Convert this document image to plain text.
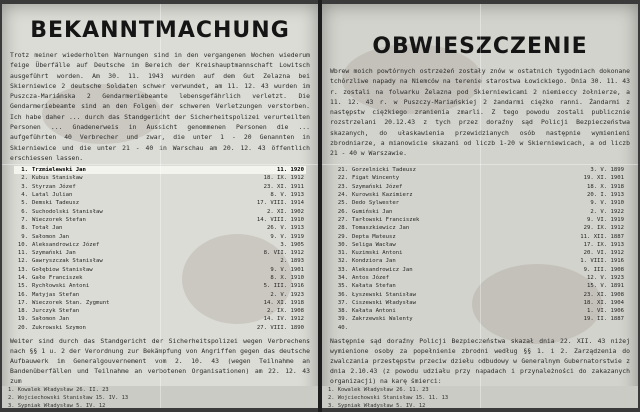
BEKANNTMACHUNG

Trotz meiner wiederholten Warnungen sind in den vergangenen Wochen wiederum feige Überfälle auf Deutsche im Bereich der Kreishauptmannschaft Lowitsch ausgeführt worden. Am 30. 11. 1943 wurden auf dem Gut Zelazna bei Skierniewice 2 deutsche Soldaten schwer verwundet, am 11. 12. 43 wurden im Puszcza-Mariánska 2 Gendarmeriebeamte lebensgefährlich verletzt. Die Gendarmeriebeamte sind an den Folgen der schweren Verletzungen verstorben. Ich habe daher ... durch das Standgericht der Sicherheitspolizei verurteilten Personen ... Gnadenerweis in Aussicht genommenen Personen die ... aufgeführten 40 Verbrecher und zwar, die unter 1 - 20 Genannten in Skierniewice und die unter 21 - 40 in Warschau am 20. 12. 43 öffentlich erschiessen lassen.

1.	Trzmielewski Jan	11. 1920
2.	Kubus Stanisław	18. IX. 1912
3.	Styrzan Józef	23. XI. 1911
4.	Latal Julian	8. V. 1913
5.	Demski Tadeusz	17. VIII. 1914
6.	Suchodolski Stanisław	2. XI. 1902
7.	Wieczorek Stefan	14. VIII. 1910
8.	Totał Jan	26. V. 1913
9.	Sałomon Jan	9. V. 1919
10.	Aleksandrowicz Józef	3. 1905
11.	Szymański Jan	8. VII. 1912
12.	Gawryszczak Stanisław	2. 1893
13.	Gołębiow Stanisław	9. V. 1901
14.	Gałe Franciszek	8. X. 1910
15.	Rychłowski Antoni	5. III. 1916
16.	Matyjas Stefan	2. V. 1923
17.	Wieczorek Stan. Zygmunt	14. XI. 1918
18.	Jurczyk Stefan	2. IX. 1908
19.	Sałomon Jan	14. IV. 1912
20.	Zukrowski Szymon	27. VIII. 1890

Weiter sind durch das Standgericht der Sicherheitspolizei wegen Verbrechens nach §§ 1 u. 2 der Verordnung zur Bekämpfung von Angriffen gegen das deutsche Aufbauwerk im Generalgouvernement vom 2. 10. 43 (wegen Teilnahme an Bandenüberfällen und Teilnahme an verbotenen Organisationen) am 22. 12. 43 zum

1. Kowalek Władysław 26. II. 23
2. Wojciechowski Stanisław 15. IV. 13
3. Sypniak Władysław 5. IV. 12
OBWIESZCZENIE

Wbrew moich powtórnych ostrzeżeń zostały znów w ostatnich tygodniach dokonane tchórzliwe napady na Niemców na terenie starostwa Łowickiego. Dnia 30. 11. 43 r. zostali na folwarku Żelazna pod Skierniewicami 2 niemieccy żołnierze, a 11. 12. 43 r. w Puszczy-Mariańskiej 2 żandarmi ciężko ranni. Żandarmi z następstw ciężkiego zranienia zmarli. Z tego powodu zostali publicznie rozstrzelani 20.12.43 z tych przez doraźny sąd Policji Bezpieczeństwa skazanych, do ułaskawienia przewidzianych osób następnie wymienieni zbrodniarze, a mianowicie skazani od liczb 1-20 w Skierniewicach, a od liczb 21 - 40 w Warszawie.

21.	Gorzelnicki Tadeusz	3. V. 1899
22.	Figat Wincenty	19. XI. 1901
23.	Szymański Józef	18. X. 1918
24.	Kurowski Kazimierz	20. I. 1913
25.	Dedo Sylwester	9. V. 1910
26.	Gumiński Jan	2. V. 1922
27.	Tarłowski Franciszek	9. VI. 1919
28.	Tomaszkiewicz Jan	29. IX. 1912
29.	Depta Mateusz	11. XII. 1887
30.	Seliga Wacław	17. IX. 1913
31.	Kuzimski Antoni	20. VI. 1912
32.	Kondziora Jan	1. VIII. 1916
33.	Aleksandrowicz Jan	9. III. 1908
34.	Antos Józef	12. V. 1923
35.	Kałata Stefan	15. V. 1891
36.	Łyszewski Stanisław	23. XI. 1908
37.	Ciszewski Władysław	18. XI. 1904
38.	Kałata Antoni	1. VI. 1906
39.	Zakrzewski Walenty	19. II. 1887
40.		

Następnie sąd doraźny Policji Bezpieczeństwa skazał dnia 22. XII. 43 niżej wymienione osoby za popełnienie zbrodni według §§ 1. i 2. Zarządzenia do zwalczania przestępstw przeciw dziełu odbudowy w Generalnym Gubernatorstwie z dnia 2.10.43 (z powodu udziału przy napadach i przynależności do zakazanych organizacji) na karę śmierci:

1. Kowalek Władysław 26. 11. 23
2. Wojciechowski Stanisław 15. 11. 13
3. Sypniak Władysław 5. IV. 12
